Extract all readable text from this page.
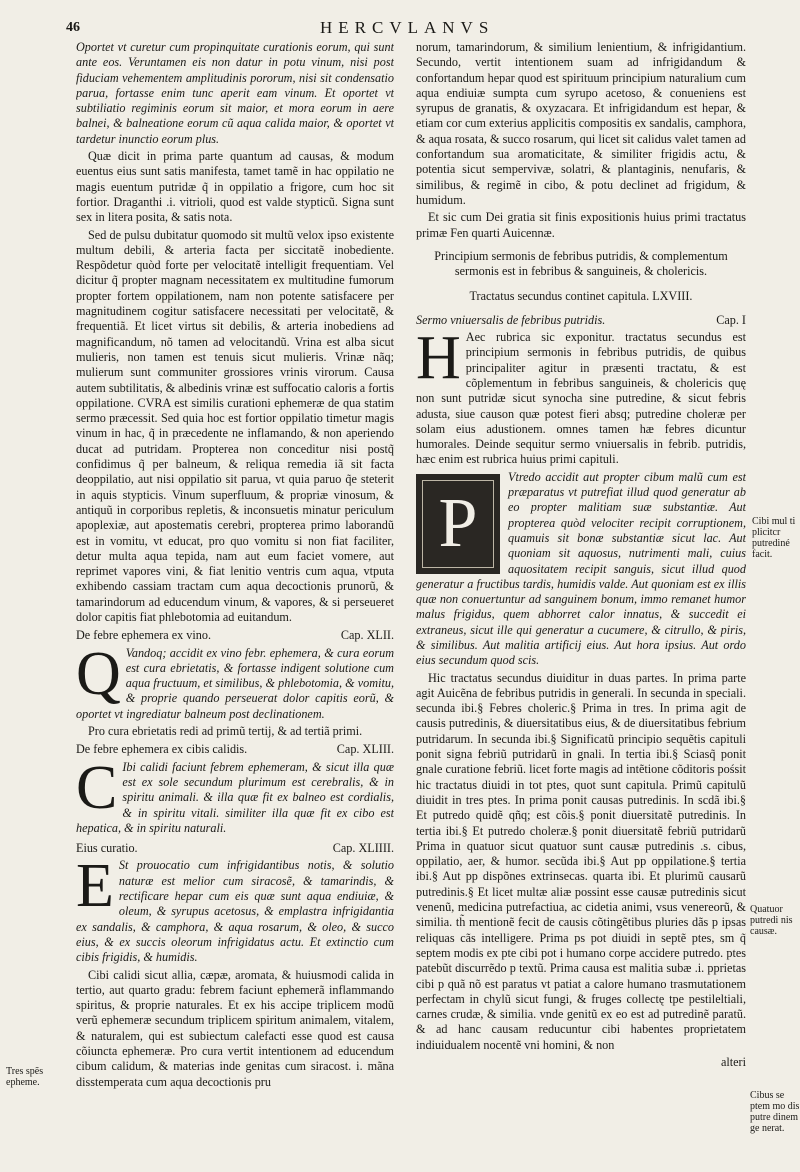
46	HERCVLANVS

Oportet vt curetur cum propinquitate curationis eorum, qui sunt ante eos. Veruntamen eis non datur in potu vinum, nisi post fiduciam vehementem amplitudinis pororum, nisi sit condensatio parua, fortasse enim tunc aperit eam vinum. Et oportet vt subtiliatio regiminis eorum sit maior, et mora eorum in aere balnei, & balneatione eorum cũ aqua calida maior, & oportet vt tardetur inunctio eorum plus.

Quæ dicit in prima parte quantum ad causas, & modum euentus eius sunt satis manifesta, tamet tamẽ in hac oppilatio ne magis euentum putridæ q̃ in oppilatio a frigore, cum hoc sit fortior. Draganthi .i. vitrioli, quod est valde stypticũ. Signa sunt sex in litera posita, & satis nota.

Sed de pulsu dubitatur quomodo sit multũ velox ipso existente multum debili, & arteria facta per siccitatẽ inobediente. Respõdetur quòd forte per velocitatẽ intelligit frequentiam. Vel dicitur q̃ propter magnam necessitatem ex multitudine fumorum propter fortem oppilationem, nam non potente satisfacere per magnitudinem cogitur satisfacere necessitati per velocitatẽ, & frequentiã. Et licet virtus sit debilis, & arteria inobediens ad magnificandum, nõ tamen ad velocitandũ. Vrina est alba sicut mulieris, non tamen est tenuis sicut mulieris. Vrinæ nãq; mulierum sunt communiter grossiores vrinis virorum. Causa autem subtilitatis, & albedinis vrinæ est suffocatio caloris a fortis oppilatione. CVRA est similis curationi ephemeræ de qua statim sermo præcessit. Sed quia hoc est fortior oppilatio timetur magis vinum in hac, q̃ in præcedente ne inflamando, & non aperiendo ducat ad putridam. Propterea non conceditur nisi postq̃ confidimus q̃ per balneum, & reliqua remedia iã sit facta deoppilatio, aut nisi oppilatio sit parua, vt quia paruo q̃e steterit in aquis stypticis. Vinum superfluum, & propriæ vinosum, & antiquũ in corporibus repletis, & inconsuetis minatur periculum apoplexiæ, aut apostematis cerebri, propterea primo laborandũ est in vomitu, vt educat, pro quo vomitu si non fiat faciliter, detur multa aqua tepida, nam aut eum faciet vomere, aut reprimet vapores vini, & fiat lenitio ventris cum aqua, vtputa exhibendo cassiam tractam cum aqua decoctionis prunorũ, & tamarindorum ad educendum vinum, & vapores, & si perseueret dolor capitis fiat phlebotomia ad euitandum.

De febre ephemera ex vino.	Cap. XLII.
Q Vandoq; accidit ex vino febr. ephemera, & cura eorum est cura ebrietatis, & fortasse indigent solutione cum aqua fructuum, et similibus, & phlebotomia, & vomitu, & proprie quando perseuerat dolor capitis eorũ, & oportet vt ingrediatur balneum post declinationem.

Pro cura ebrietatis redi ad primũ tertij, & ad tertiã primi.

De febre ephemera ex cibis calidis.	Cap. XLIII.
C Ibi calidi faciunt febrem ephemeram, & sicut illa quæ est ex sole secundum plurimum est cerebralis, & in spiritu animali. & illa quæ fit ex balneo est cordialis, & in spiritu vitali. similiter illa quæ fit ex cibo est hepatica, & in spiritu naturali.

Eius curatio.	Cap. XLIIII.
E St prouocatio cum infrigidantibus notis, & solutio naturæ est melior cum siracosẽ, & tamarindis, & rectificare hepar cum eis quæ sunt aqua endiuiæ, & oleum, & syrupus acetosus, & emplastra infrigidantia ex sandalis, & camphora, & aqua rosarum, & oleo, & succo eius, & ex succis oleorum infrigidatus actu. Et extinctio cum cibis frigidis, & humidis.

Cibi calidi sicut allia, cæpæ, aromata, & huiusmodi calida in tertio, aut quarto gradu: febrem faciunt ephemerã inflammando spiritus, & proprie naturales. Et ex his accipe triplicem modũ verũ ephemeræ secundum triplicem spiritum animalem, vitalem, & naturalem, qui est subiectum calefacti esse quod est causa cõiuncta ephemeræ. Pro cura vertit intentionem ad educendum cibum calidum, & materias inde genitas cum siracost. i. mãna disstemperata cum aqua decoctionis pru

norum, tamarindorum, & similium lenientium, & infrigidantium. Secundo, vertit intentionem suam ad infrigidandum & confortandum hepar quod est spirituum principium naturalium cum aqua endiuiæ sumpta cum syrupo acetoso, & conueniens est syrupus de granatis, & oxyzacara. Et infrigidandum est hepar, & etiam cor cum exterius applicitis compositis ex sandalis, camphora, & aqua rosata, & succo rosarum, qui licet sit calidus valet tamen ad confortandum sua aromaticitate, & similiter frigidis actu, & potentia sicut sempervivæ, solatri, & plantaginis, nenufaris, & similibus, & regimẽ in cibo, & potu declinet ad frigidum, & humidum.

Et sic cum Dei gratia sit finis expositionis huius primi tractatus primæ Fen quarti Auicennæ.

Principium sermonis de febribus putridis, & complementum sermonis est in febribus & sanguineis, & cholericis.
Tractatus secundus continet capitula. LXVIII.
Sermo vniuersalis de febribus putridis.	Cap. I
H Aec rubrica sic exponitur. tractatus secundus est principium sermonis in febribus putridis, de quibus principaliter agitur in præsenti tractatu, & est cõplementum in febribus sanguineis, & cholericis quę non sunt putridæ sicut synocha sine putredine, & sicut febris adusta, siue causon quæ potest fieri absq; putredine choleræ per solam eius adustionem. omnes tamen hæ febres dicuntur humorales. Deinde sequitur sermo vniuersalis in febrib. putridis, hæc enim est rubrica huius primi capituli.

P

Vtredo accidit aut propter cibum malũ cum est præparatus vt putrefiat illud quod generatur ab eo propter malitiam suæ substantiæ. Aut propterea quòd velociter recipit corruptionem, quamuis sit bonæ substantiæ sicut lac. Aut quoniam sit aquosus, nutrimenti mali, cuius aquositatem recipit sanguis, sicut illud quod generatur a fructibus tardis, humidis valde. Aut quoniam est ex illis quæ non conuertuntur ad sanguinem bonum, immo remanet humor malus frigidus, quem abhorret calor innatus, & succedit ei extraneus, sicut ille qui generatur a cucumere, & citrullo, & piris, & similibus. Aut malitia artificij eius. Aut hora ipsius. Aut ordo eius secundum quod scis.

Hic tractatus secundus diuiditur in duas partes. In prima parte agit Auicẽna de febribus putridis in generali. In secunda in speciali. secunda ibi.§ Febres choleric.§ Prima in tres. In prima agit de causis putredinis, & diuersitatibus eius, & de diuersitatibus febrium putridarum. In secunda ibi.§ Significatũ principio sequẽtis capituli ponit signa febriũ putridarũ in gnali. In tertia ibi.§ Sciasq̃ ponit gnale curatione febriũ. licet forte magis ad intẽtione cõditoris pośsit hic tractatus diuidi in tot ptes, quot sunt capitula. Primũ capitulũ diuidit in tres ptes. In prima ponit causas putredinis. In scdã ibi.§ Et putredo quidẽ qñq; est cõis.§ ponit diuersitatẽ putredinis. In tertia ibi.§ Et putredo choleræ.§ ponit diuersitatẽ febriũ putridarũ Prima in quatuor sicut quatuor sunt causæ putredinis .s. cibus, oppilatio, aer, & humor. secũda ibi.§ Aut pp oppilatione.§ tertia ibi.§ Aut pp dispõnes extrinsecas. quarta ibi. Et plurimũ causarũ putredinis.§ Et licet multæ aliæ possint esse causæ putredinis sicut venenũ, medicina putrefactiua, ac cidetia animi, vsus venereorũ, & similia. th̃ mentionẽ fecit de causis cõtingẽtibus pluries dãs p ipsas reliquas cãs intelligere. Prima ps pot diuidi in septẽ ptes, sm q̃ septem modis ex pte cibi pot i humano corpe accidere putredo. ptes patebũt discurrẽdo p textũ. Prima causa est malitia subæ .i. pprietas cibi p quã nõ est paratus vt patiat a calore humano trasmutationem perfectam in chylũ sicut fungi, & fruges collectę tpe pestileltiali, carnes crudæ, & similia. vnde genitũ ex eo est ad putredinẽ paratũ. & ad hanc causam reducuntur cibi habentes proprietatem indiuidualem nocentẽ vni homini, & non

alteri
Cibi mul ti plicitcr putrediné facit.
Quatuor putredi nis causæ.
Cibus se ptem mo dis putre dinem ge nerat.
Tres spẽs epheme.
